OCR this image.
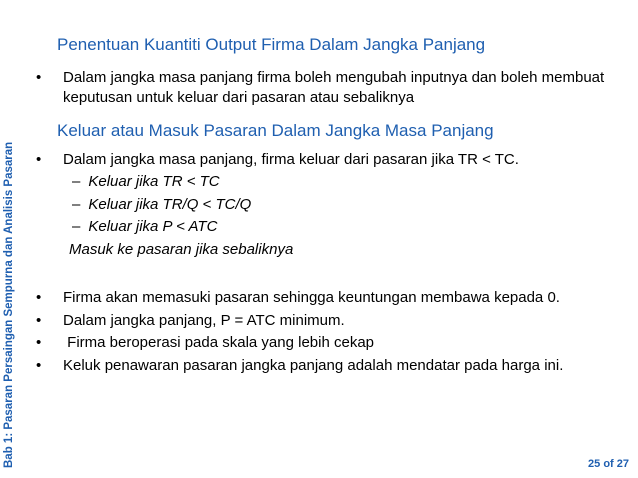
Bab 1: Pasaran Persaingan Sempurna dan Analisis Pasaran
Penentuan Kuantiti Output Firma Dalam Jangka Panjang
• Dalam jangka masa panjang firma boleh mengubah inputnya dan boleh membuat keputusan untuk keluar dari pasaran atau sebaliknya
Keluar atau Masuk Pasaran Dalam Jangka Masa Panjang
• Dalam jangka masa panjang, firma keluar dari pasaran jika TR < TC.
– Keluar jika TR < TC
– Keluar jika TR/Q < TC/Q
– Keluar jika P < ATC
Masuk ke pasaran jika sebaliknya
• Firma akan memasuki pasaran sehingga keuntungan membawa kepada 0.
• Dalam jangka panjang, P = ATC minimum.
• Firma beroperasi pada skala yang lebih cekap
• Keluk penawaran pasaran jangka panjang adalah mendatar pada harga ini.
25 of 27
